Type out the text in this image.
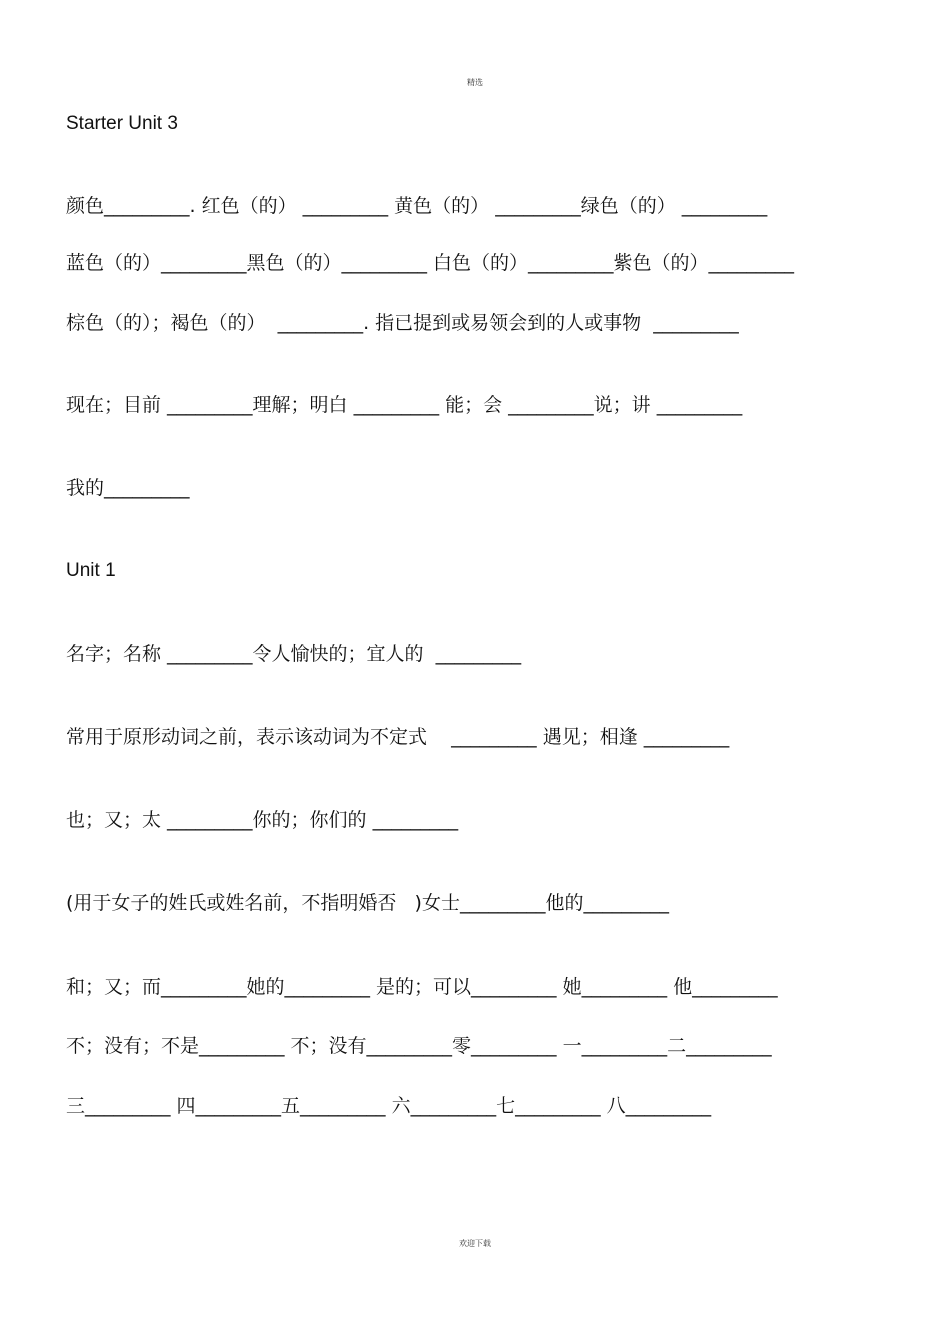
精选
Starter Unit 3
颜色_________. 红色（的） _________ 黄色（的） _________绿色（的） _________
蓝色（的）_________黑色（的）_________ 白色（的）_________紫色（的）_________
棕色（的）；褐色（的）  _________. 指已提到或易领会到的人或事物  _________
现在；目前 _________理解；明白 _________ 能；会 _________说；讲 _________
我的_________
Unit 1
名字；名称 _________令人愉快的；宜人的  _________
常用于原形动词之前，表示该动词为不定式    _________ 遇见；相逢 _________
也；又；太 _________你的；你们的 _________
(用于女子的姓氏或姓名前，不指明婚否   )女士_________他的_________
和；又；而_________她的_________ 是的；可以_________ 她_________ 他_________
不；没有；不是_________ 不；没有_________零_________ 一_________二_________
三_________ 四_________五_________ 六_________七_________ 八_________
欢迎下载
